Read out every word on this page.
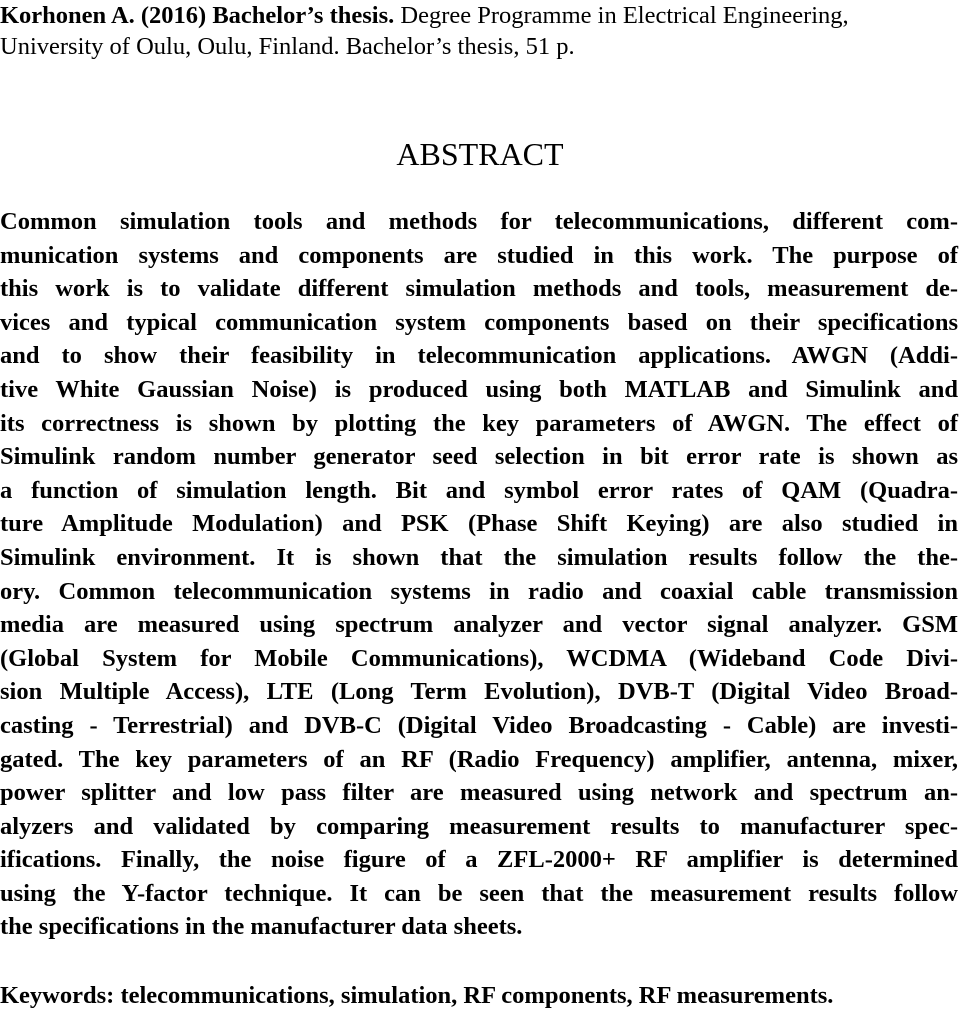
Korhonen A. (2016) Bachelor’s thesis. Degree Programme in Electrical Engineering,
University of Oulu, Oulu, Finland. Bachelor’s thesis, 51 p.
ABSTRACT
Common simulation tools and methods for telecommunications, different com-
munication systems and components are studied in this work. The purpose of
this work is to validate different simulation methods and tools, measurement de-
vices and typical communication system components based on their specifications
and to show their feasibility in telecommunication applications. AWGN (Addi-
tive White Gaussian Noise) is produced using both MATLAB and Simulink and
its correctness is shown by plotting the key parameters of AWGN. The effect of
Simulink random number generator seed selection in bit error rate is shown as
a function of simulation length. Bit and symbol error rates of QAM (Quadra-
ture Amplitude Modulation) and PSK (Phase Shift Keying) are also studied in
Simulink environment. It is shown that the simulation results follow the the-
ory. Common telecommunication systems in radio and coaxial cable transmission
media are measured using spectrum analyzer and vector signal analyzer. GSM
(Global System for Mobile Communications), WCDMA (Wideband Code Divi-
sion Multiple Access), LTE (Long Term Evolution), DVB-T (Digital Video Broad-
casting - Terrestrial) and DVB-C (Digital Video Broadcasting - Cable) are investi-
gated. The key parameters of an RF (Radio Frequency) amplifier, antenna, mixer,
power splitter and low pass filter are measured using network and spectrum an-
alyzers and validated by comparing measurement results to manufacturer spec-
ifications. Finally, the noise figure of a ZFL-2000+ RF amplifier is determined
using the Y-factor technique. It can be seen that the measurement results follow
the specifications in the manufacturer data sheets.

Keywords: telecommunications, simulation, RF components, RF measurements.
